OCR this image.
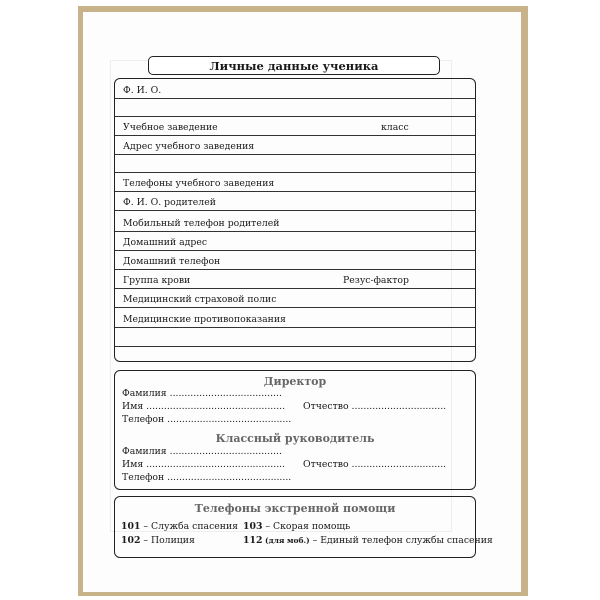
Личные данные ученика
Ф. И. О.
Учебное заведение	класс
Адрес учебного заведения
Телефоны учебного заведения
Ф. И. О. родителей
Мобильный телефон родителей
Домашний адрес
Домашний телефон
Группа крови	Резус-фактор
Медицинский страховой полис
Медицинские противопоказания
Директор
Фамилия ......................................
Имя ............................................... Отчество ................................
Телефон ..........................................
Классный руководитель
Фамилия ......................................
Имя ............................................... Отчество ................................
Телефон ..........................................
Телефоны экстренной помощи
101 – Служба спасения 103 – Скорая помощь
102 – Полиция	112 (для моб.) – Единый телефон службы спасения
